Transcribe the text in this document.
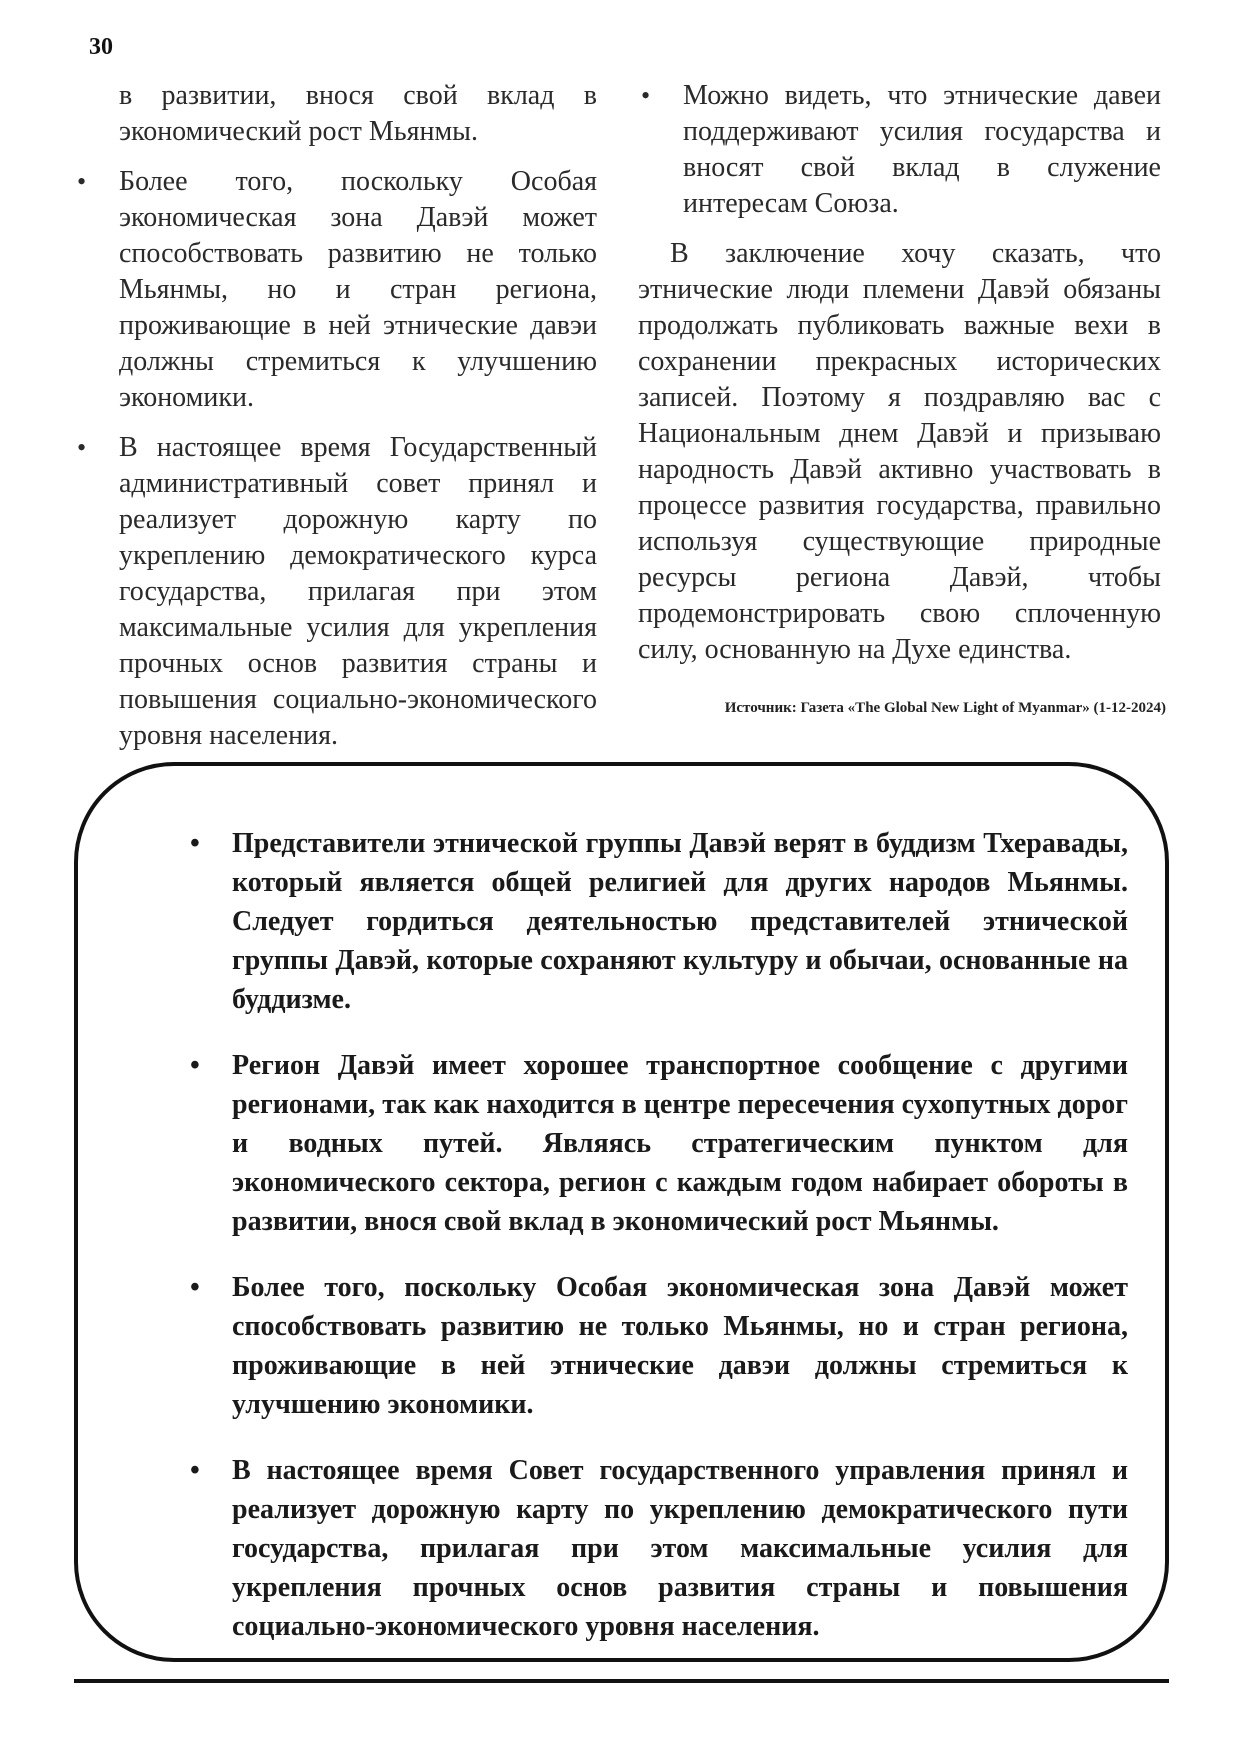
30

в развитии, внося свой вклад в экономический рост Мьянмы.

• Более того, поскольку Особая экономическая зона Давэй может способствовать развитию не только Мьянмы, но и стран региона, проживающие в ней этнические давэи должны стремиться к улучшению экономики.

• В настоящее время Государственный административный совет принял и реализует дорожную карту по укреплению демократического курса государства, прилагая при этом максимальные усилия для укрепления прочных основ развития страны и повышения социально-экономического уровня населения.

• Можно видеть, что этнические давеи поддерживают усилия государства и вносят свой вклад в служение интересам Союза.

В заключение хочу сказать, что этнические люди племени Давэй обязаны продолжать публиковать важные вехи в сохранении прекрасных исторических записей. Поэтому я поздравляю вас с Национальным днем Давэй и призываю народность Давэй активно участвовать в процессе развития государства, правильно используя существующие природные ресурсы региона Давэй, чтобы продемонстрировать свою сплоченную силу, основанную на Духе единства.

Источник: Газета «The Global New Light of Myanmar» (1-12-2024)

• Представители этнической группы Давэй верят в буддизм Тхеравады, который является общей религией для других народов Мьянмы. Следует гордиться деятельностью представителей этнической группы Давэй, которые сохраняют культуру и обычаи, основанные на буддизме.

• Регион Давэй имеет хорошее транспортное сообщение с другими регионами, так как находится в центре пересечения сухопутных дорог и водных путей. Являясь стратегическим пунктом для экономического сектора, регион с каждым годом набирает обороты в развитии, внося свой вклад в экономический рост Мьянмы.

• Более того, поскольку Особая экономическая зона Давэй может способствовать развитию не только Мьянмы, но и стран региона, проживающие в ней этнические давэи должны стремиться к улучшению экономики.

• В настоящее время Совет государственного управления принял и реализует дорожную карту по укреплению демократического пути государства, прилагая при этом максимальные усилия для укрепления прочных основ развития страны и повышения социально-экономического уровня населения.
